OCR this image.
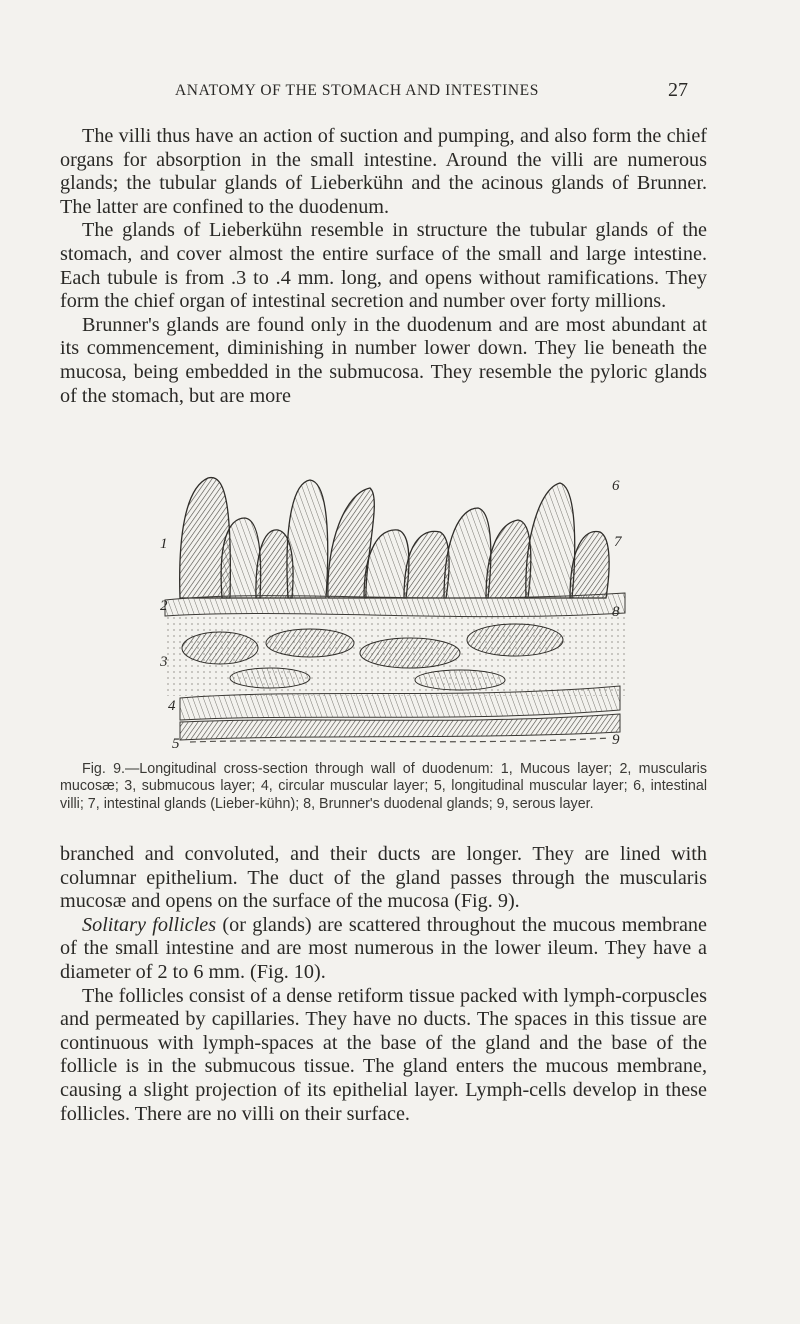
ANATOMY OF THE STOMACH AND INTESTINES	27

The villi thus have an action of suction and pumping, and also form the chief organs for absorption in the small intestine. Around the villi are numerous glands; the tubular glands of Lieberkühn and the acinous glands of Brunner. The latter are confined to the duodenum.

The glands of Lieberkühn resemble in structure the tubular glands of the stomach, and cover almost the entire surface of the small and large intestine. Each tubule is from .3 to .4 mm. long, and opens without ramifications. They form the chief organ of intestinal secretion and number over forty millions.

Brunner's glands are found only in the duodenum and are most abundant at its commencement, diminishing in number lower down. They lie beneath the mucosa, being embedded in the submucosa. They resemble the pyloric glands of the stomach, but are more

1
2
3
4
5
6
7
8
9
Fig. 9.—Longitudinal cross-section through wall of duodenum: 1, Mucous layer; 2, muscularis mucosæ; 3, submucous layer; 4, circular muscular layer; 5, longitudinal muscular layer; 6, intestinal villi; 7, intestinal glands (Lieber-kühn); 8, Brunner's duodenal glands; 9, serous layer.

branched and convoluted, and their ducts are longer. They are lined with columnar epithelium. The duct of the gland passes through the muscularis mucosæ and opens on the surface of the mucosa (Fig. 9).

Solitary follicles (or glands) are scattered throughout the mucous membrane of the small intestine and are most numerous in the lower ileum. They have a diameter of 2 to 6 mm. (Fig. 10).

The follicles consist of a dense retiform tissue packed with lymph-corpuscles and permeated by capillaries. They have no ducts. The spaces in this tissue are continuous with lymph-spaces at the base of the gland and the base of the follicle is in the submucous tissue. The gland enters the mucous membrane, causing a slight projection of its epithelial layer. Lymph-cells develop in these follicles. There are no villi on their surface.
